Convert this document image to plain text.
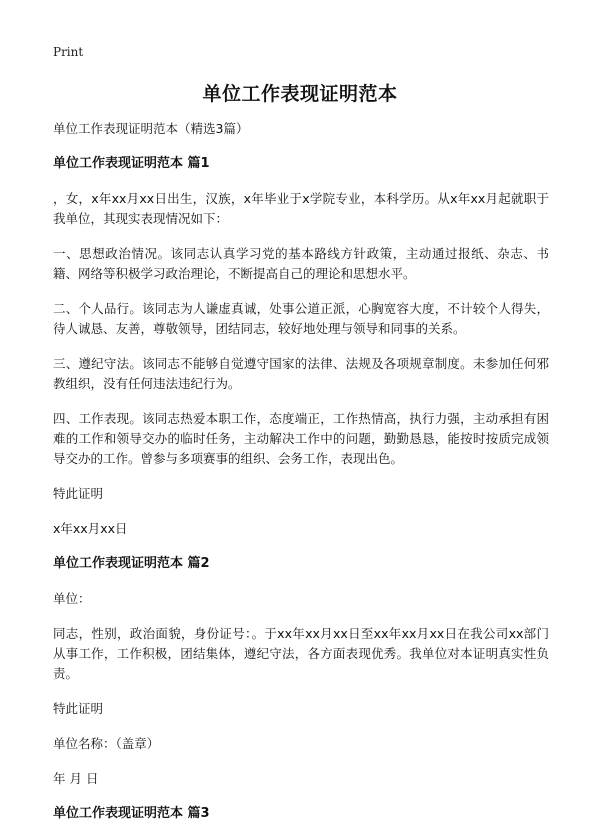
Print
单位工作表现证明范本

单位工作表现证明范本（精选3篇）

单位工作表现证明范本 篇1

，女，x年xx月xx日出生，汉族，x年毕业于x学院专业，本科学历。从x年xx月起就职于我单位，其现实表现情况如下：

一、思想政治情况。该同志认真学习党的基本路线方针政策，主动通过报纸、杂志、书籍、网络等积极学习政治理论，不断提高自己的理论和思想水平。

二、个人品行。该同志为人谦虚真诚，处事公道正派，心胸宽容大度，不计较个人得失，待人诚恳、友善，尊敬领导，团结同志，较好地处理与领导和同事的关系。

三、遵纪守法。该同志不能够自觉遵守国家的法律、法规及各项规章制度。未参加任何邪教组织，没有任何违法违纪行为。

四、工作表现。该同志热爱本职工作，态度端正，工作热情高，执行力强，主动承担有困难的工作和领导交办的临时任务，主动解决工作中的问题，勤勤恳恳，能按时按质完成领导交办的工作。曾参与多项赛事的组织、会务工作，表现出色。

特此证明

x年xx月xx日

单位工作表现证明范本 篇2

单位：

同志，性别，政治面貌，身份证号：。于xx年xx月xx日至xx年xx月xx日在我公司xx部门从事工作，工作积极，团结集体，遵纪守法，各方面表现优秀。我单位对本证明真实性负责。

特此证明

单位名称：（盖章）

年 月 日

单位工作表现证明范本 篇3
